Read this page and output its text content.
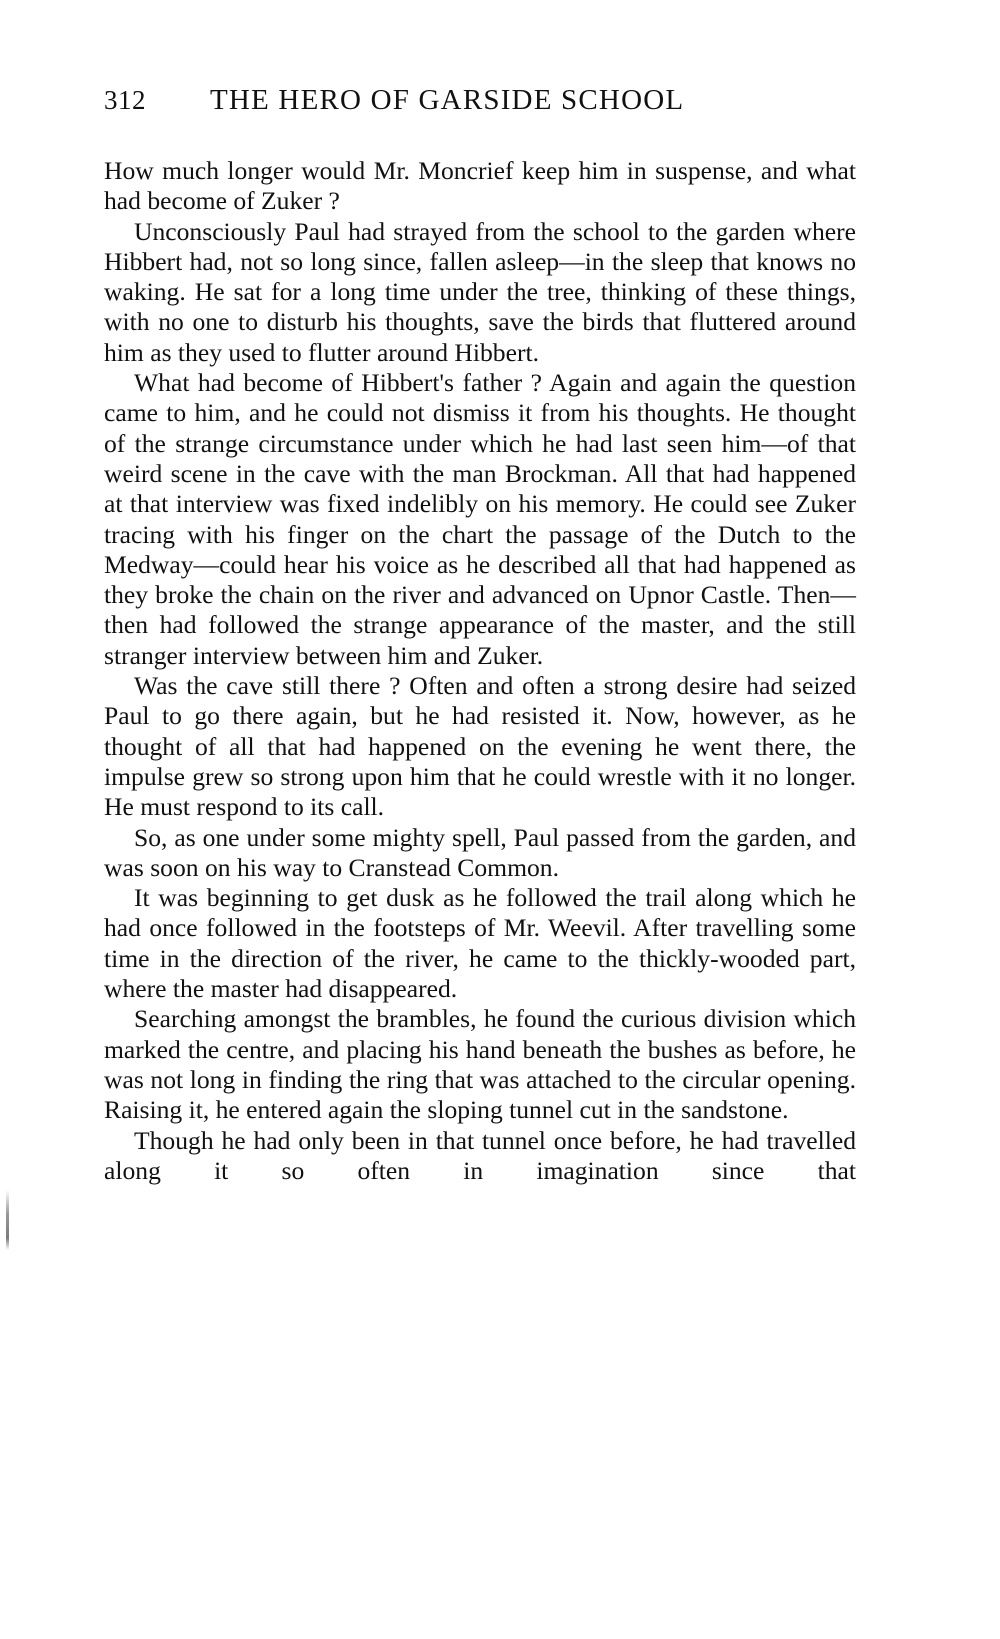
312	THE HERO OF GARSIDE SCHOOL

How much longer would Mr. Moncrief keep him in suspense, and what had become of Zuker ?

Unconsciously Paul had strayed from the school to the garden where Hibbert had, not so long since, fallen asleep—in the sleep that knows no waking. He sat for a long time under the tree, thinking of these things, with no one to disturb his thoughts, save the birds that fluttered around him as they used to flutter around Hibbert.

What had become of Hibbert's father ? Again and again the question came to him, and he could not dismiss it from his thoughts. He thought of the strange circumstance under which he had last seen him—of that weird scene in the cave with the man Brockman. All that had happened at that interview was fixed indelibly on his memory. He could see Zuker tracing with his finger on the chart the passage of the Dutch to the Medway—could hear his voice as he described all that had happened as they broke the chain on the river and advanced on Upnor Castle. Then—then had followed the strange appearance of the master, and the still stranger interview between him and Zuker.

Was the cave still there ? Often and often a strong desire had seized Paul to go there again, but he had resisted it. Now, however, as he thought of all that had happened on the evening he went there, the impulse grew so strong upon him that he could wrestle with it no longer. He must respond to its call.

So, as one under some mighty spell, Paul passed from the garden, and was soon on his way to Cranstead Common.

It was beginning to get dusk as he followed the trail along which he had once followed in the footsteps of Mr. Weevil. After travelling some time in the direction of the river, he came to the thickly-wooded part, where the master had disappeared.

Searching amongst the brambles, he found the curious division which marked the centre, and placing his hand beneath the bushes as before, he was not long in finding the ring that was attached to the circular opening. Raising it, he entered again the sloping tunnel cut in the sandstone.

Though he had only been in that tunnel once before, he had travelled along it so often in imagination since that
